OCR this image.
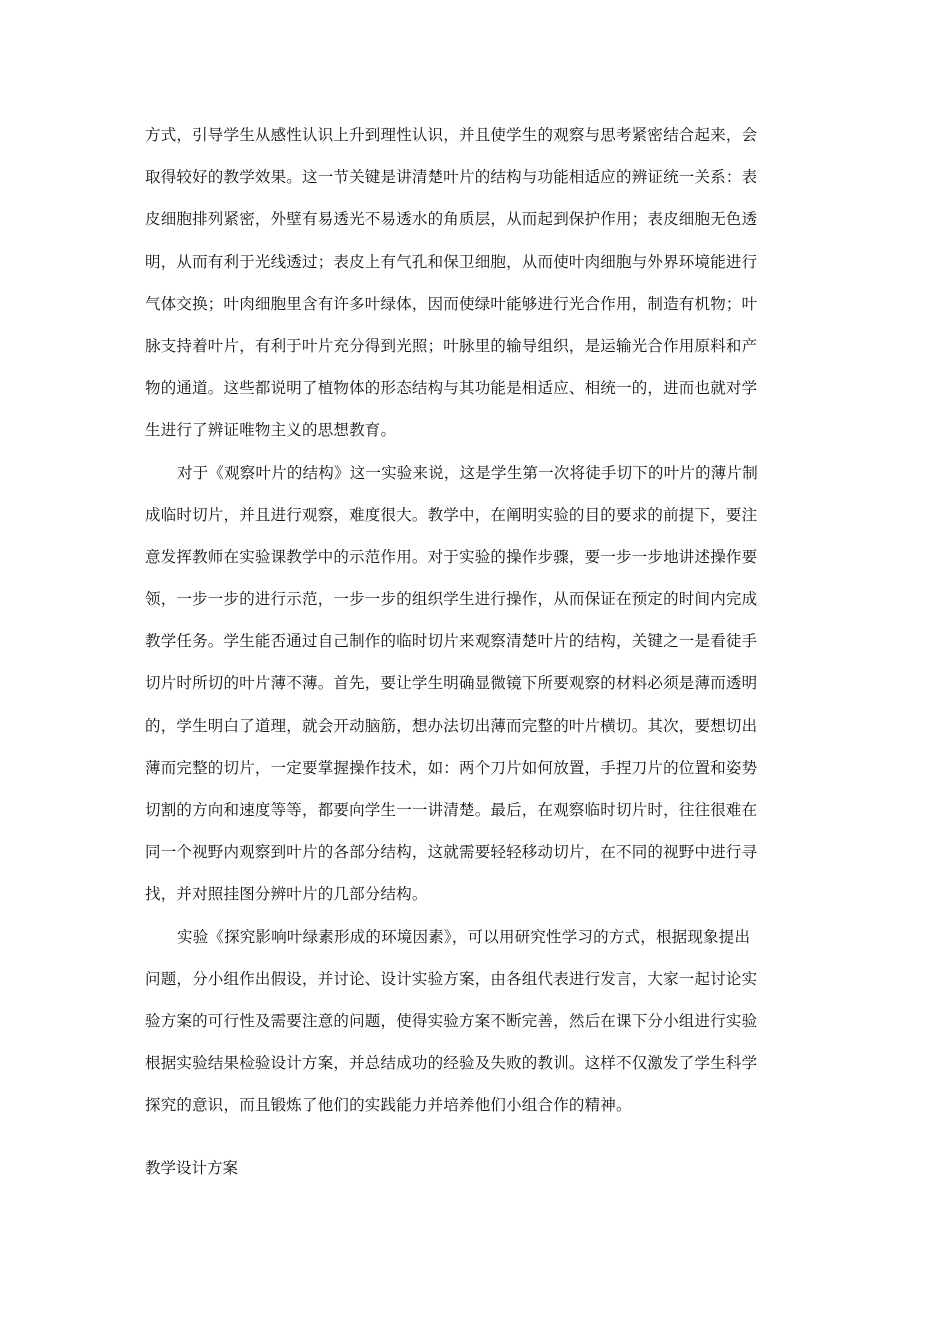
方式，引导学生从感性认识上升到理性认识，并且使学生的观察与思考紧密结合起来，会
取得较好的教学效果。这一节关键是讲清楚叶片的结构与功能相适应的辨证统一关系：表
皮细胞排列紧密，外壁有易透光不易透水的角质层，从而起到保护作用；表皮细胞无色透
明，从而有利于光线透过；表皮上有气孔和保卫细胞，从而使叶肉细胞与外界环境能进行
气体交换；叶肉细胞里含有许多叶绿体，因而使绿叶能够进行光合作用，制造有机物；叶
脉支持着叶片，有利于叶片充分得到光照；叶脉里的输导组织，是运输光合作用原料和产
物的通道。这些都说明了植物体的形态结构与其功能是相适应、相统一的，进而也就对学
生进行了辨证唯物主义的思想教育。
对于《观察叶片的结构》这一实验来说，这是学生第一次将徒手切下的叶片的薄片制
成临时切片，并且进行观察，难度很大。教学中，在阐明实验的目的要求的前提下，要注
意发挥教师在实验课教学中的示范作用。对于实验的操作步骤，要一步一步地讲述操作要
领，一步一步的进行示范，一步一步的组织学生进行操作，从而保证在预定的时间内完成
教学任务。学生能否通过自己制作的临时切片来观察清楚叶片的结构，关键之一是看徒手
切片时所切的叶片薄不薄。首先，要让学生明确显微镜下所要观察的材料必须是薄而透明
的，学生明白了道理，就会开动脑筋，想办法切出薄而完整的叶片横切。其次，要想切出
薄而完整的切片，一定要掌握操作技术，如：两个刀片如何放置，手捏刀片的位置和姿势
切割的方向和速度等等，都要向学生一一讲清楚。最后，在观察临时切片时，往往很难在
同一个视野内观察到叶片的各部分结构，这就需要轻轻移动切片，在不同的视野中进行寻
找，并对照挂图分辨叶片的几部分结构。
实验《探究影响叶绿素形成的环境因素》，可以用研究性学习的方式，根据现象提出
问题，分小组作出假设，并讨论、设计实验方案，由各组代表进行发言，大家一起讨论实
验方案的可行性及需要注意的问题，使得实验方案不断完善，然后在课下分小组进行实验
根据实验结果检验设计方案，并总结成功的经验及失败的教训。这样不仅激发了学生科学
探究的意识，而且锻炼了他们的实践能力并培养他们小组合作的精神。
教学设计方案
